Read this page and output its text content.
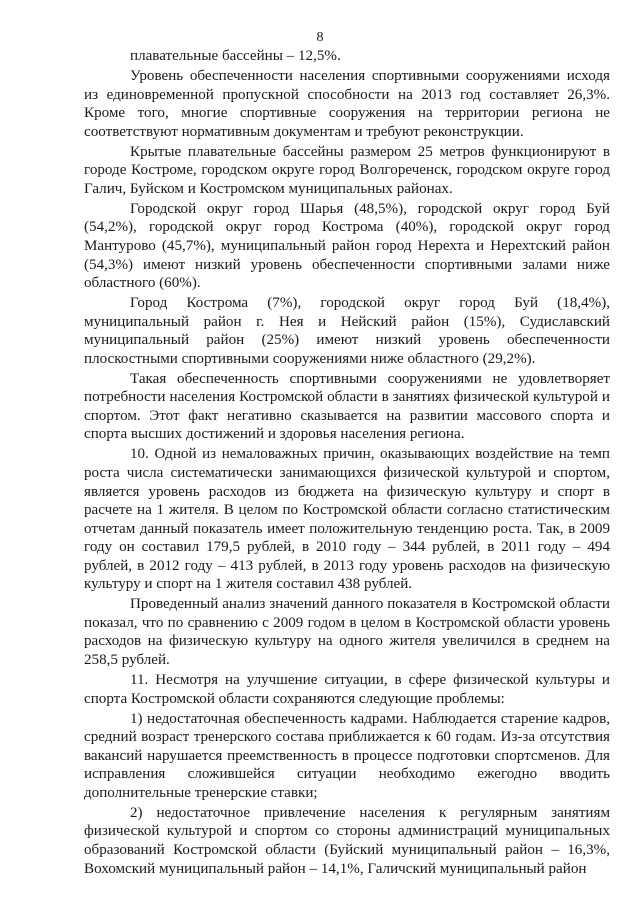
8

плавательные бассейны – 12,5%.

Уровень обеспеченности населения спортивными сооружениями исходя из единовременной пропускной способности на 2013 год составляет 26,3%. Кроме того, многие спортивные сооружения на территории региона не соответствуют нормативным документам и требуют реконструкции.

Крытые плавательные бассейны размером 25 метров функционируют в городе Костроме, городском округе город Волгореченск, городском округе город Галич, Буйском и Костромском муниципальных районах.

Городской округ город Шарья (48,5%), городской округ город Буй (54,2%), городской округ город Кострома (40%), городской округ город Мантурово (45,7%), муниципальный район город Нерехта и Нерехтский район (54,3%) имеют низкий уровень обеспеченности спортивными залами ниже областного (60%).

Город Кострома (7%), городской округ город Буй (18,4%), муниципальный район г. Нея и Нейский район (15%), Судиславский муниципальный район (25%) имеют низкий уровень обеспеченности плоскостными спортивными сооружениями ниже областного (29,2%).

Такая обеспеченность спортивными сооружениями не удовлетворяет потребности населения Костромской области в занятиях физической культурой и спортом. Этот факт негативно сказывается на развитии массового спорта и спорта высших достижений и здоровья населения региона.

10. Одной из немаловажных причин, оказывающих воздействие на темп роста числа систематически занимающихся физической культурой и спортом, является уровень расходов из бюджета на физическую культуру и спорт в расчете на 1 жителя. В целом по Костромской области согласно статистическим отчетам данный показатель имеет положительную тенденцию роста. Так, в 2009 году он составил 179,5 рублей, в 2010 году – 344 рублей, в 2011 году – 494 рублей, в 2012 году – 413 рублей, в 2013 году уровень расходов на физическую культуру и спорт на 1 жителя составил 438 рублей.

Проведенный анализ значений данного показателя в Костромской области показал, что по сравнению с 2009 годом в целом в Костромской области уровень расходов на физическую культуру на одного жителя увеличился в среднем на 258,5 рублей.

11. Несмотря на улучшение ситуации, в сфере физической культуры и спорта Костромской области сохраняются следующие проблемы:

1) недостаточная обеспеченность кадрами. Наблюдается старение кадров, средний возраст тренерского состава приближается к 60 годам. Из-за отсутствия вакансий нарушается преемственность в процессе подготовки спортсменов. Для исправления сложившейся ситуации необходимо ежегодно вводить дополнительные тренерские ставки;

2) недостаточное привлечение населения к регулярным занятиям физической культурой и спортом со стороны администраций муниципальных образований Костромской области (Буйский муниципальный район – 16,3%, Вохомский муниципальный район – 14,1%, Галичский муниципальный район
